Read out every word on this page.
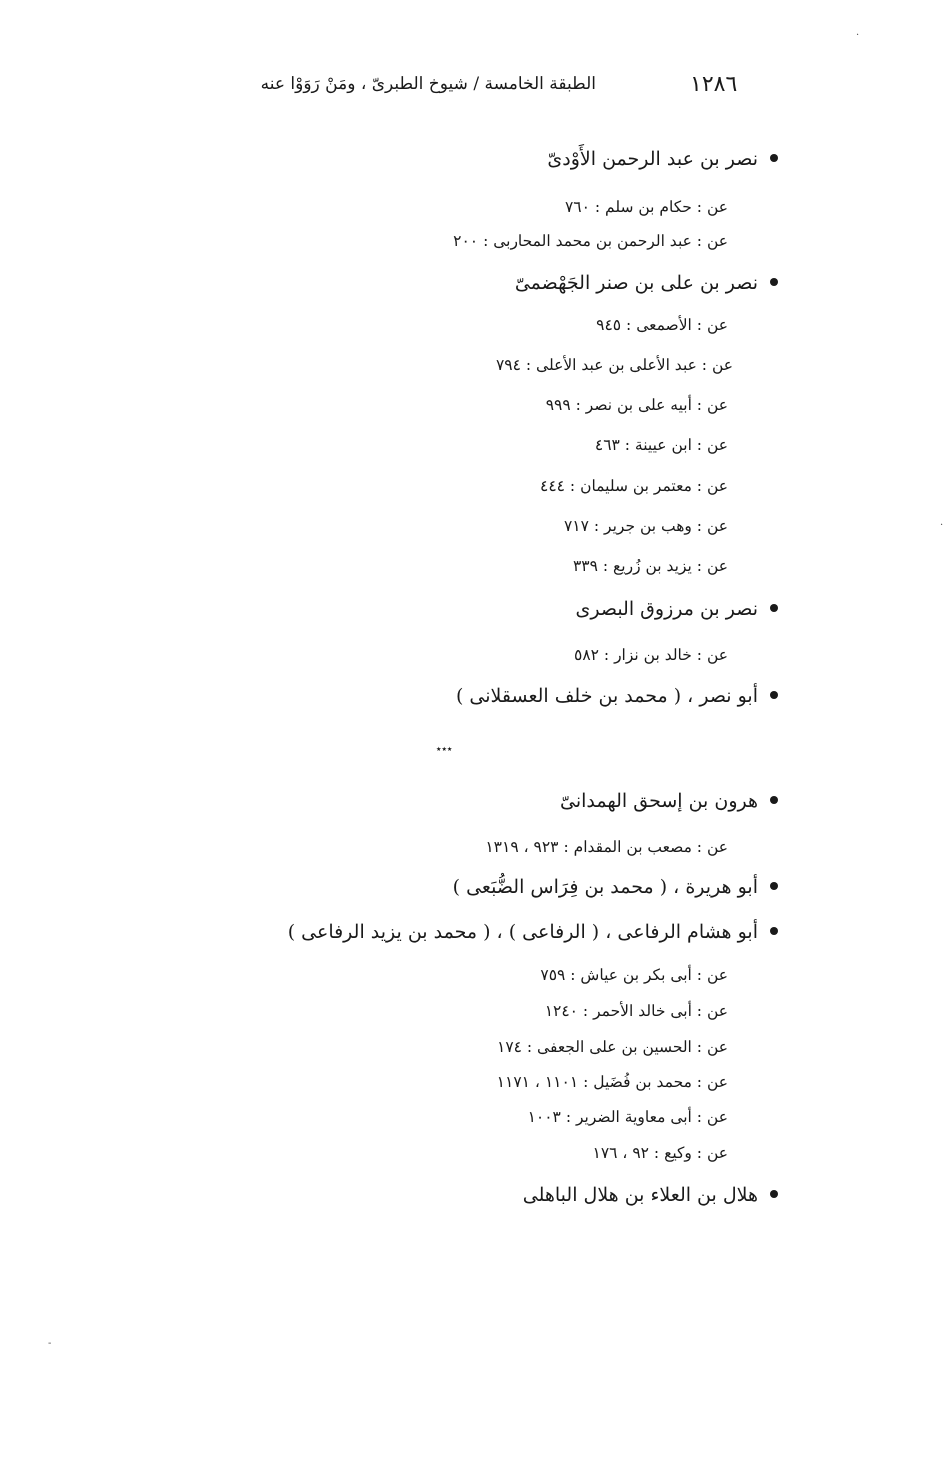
١٢٨٦
الطبقة الخامسة / شيوخ الطبرىّ ، ومَنْ رَوَوْا عنه
نصر بن عبد الرحمن الأَوْدىّ
عن : حكام بن سلم : ٧٦٠
عن : عبد الرحمن بن محمد المحاربى : ٢٠٠
نصر بن على بن صنر الجَهْضمىّ
عن : الأصمعى : ٩٤٥
عن : عبد الأعلى بن عبد الأعلى : ٧٩٤
عن : أبيه على بن نصر : ٩٩٩
عن : ابن عيينة : ٤٦٣
عن : معتمر بن سليمان : ٤٤٤
عن : وهب بن جرير : ٧١٧
عن : يزيد بن زُريع : ٣٣٩
نصر بن مرزوق البصرى
عن : خالد بن نزار : ٥٨٢
أبو نصر ، ( محمد بن خلف العسقلانى )
٭٭٭
هرون بن إسحق الهمدانىّ
عن : مصعب بن المقدام : ٩٢٣ ، ١٣١٩
أبو هريرة ، ( محمد بن فِرَاس الضُّبَعى )
أبو هشام الرفاعى ، ( الرفاعى ) ، ( محمد بن يزيد الرفاعى )
عن : أبى بكر بن عياش : ٧٥٩
عن : أبى خالد الأحمر : ١٢٤٠
عن : الحسين بن على الجعفى : ١٧٤
عن : محمد بن فُضَيل : ١١٠١ ، ١١٧١
عن : أبى معاوية الضرير : ١٠٠٣
عن : وكيع : ٩٢ ، ١٧٦
هلال بن العلاء بن هلال الباهلى
·
·
-
